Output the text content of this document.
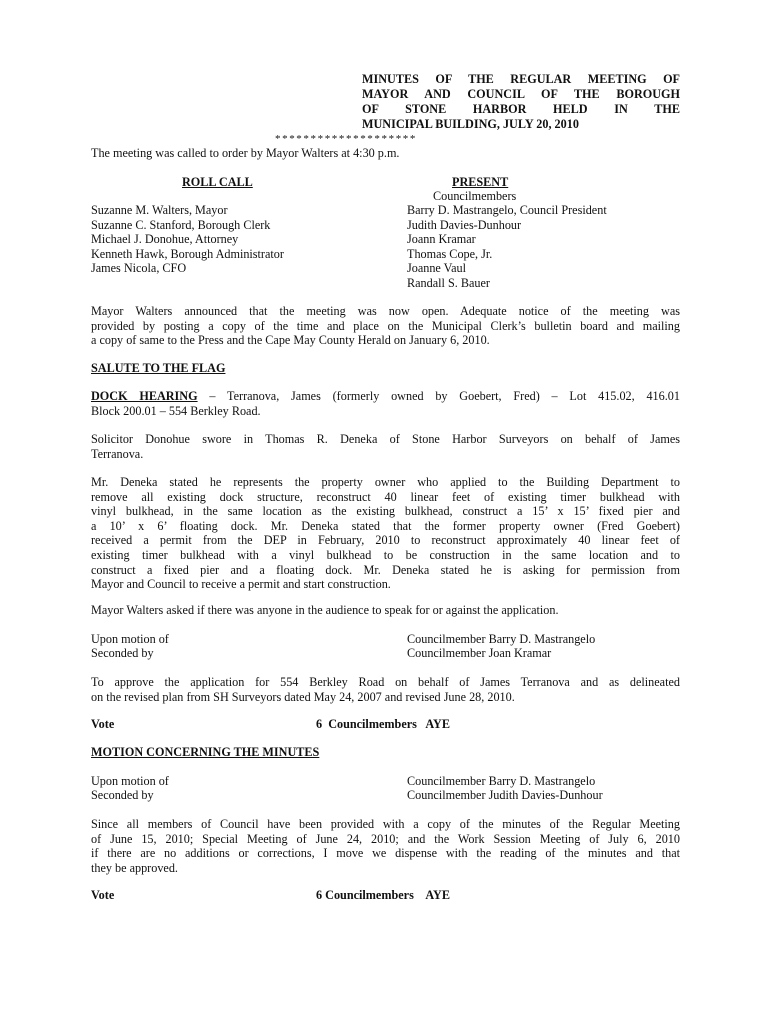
MINUTES OF THE REGULAR MEETING OF
MAYOR AND COUNCIL OF THE BOROUGH
OF STONE HARBOR HELD IN THE
MUNICIPAL BUILDING, JULY 20, 2010
********************
The meeting was called to order by Mayor Walters at 4:30 p.m.
ROLL CALL
Suzanne M. Walters, Mayor
Suzanne C. Stanford, Borough Clerk
Michael J. Donohue, Attorney
Kenneth Hawk, Borough Administrator
James Nicola, CFO
PRESENT
Councilmembers
Barry D. Mastrangelo, Council President
Judith Davies-Dunhour
Joann Kramar
Thomas Cope, Jr.
Joanne Vaul
Randall S. Bauer
Mayor Walters announced that the meeting was now open. Adequate notice of the meeting was
provided by posting a copy of the time and place on the Municipal Clerk’s bulletin board and mailing
a copy of same to the Press and the Cape May County Herald on January 6, 2010.
SALUTE TO THE FLAG
DOCK HEARING – Terranova, James (formerly owned by Goebert, Fred) – Lot 415.02, 416.01
Block 200.01 – 554 Berkley Road.
Solicitor Donohue swore in Thomas R. Deneka of Stone Harbor Surveyors on behalf of James
Terranova.
Mr. Deneka stated he represents the property owner who applied to the Building Department to
remove all existing dock structure, reconstruct 40 linear feet of existing timer bulkhead with
vinyl bulkhead, in the same location as the existing bulkhead, construct a 15’ x 15’ fixed pier and
a 10’ x 6’ floating dock. Mr. Deneka stated that the former property owner (Fred Goebert)
received a permit from the DEP in February, 2010 to reconstruct approximately 40 linear feet of
existing timer bulkhead with a vinyl bulkhead to be construction in the same location and to
construct a fixed pier and a floating dock. Mr. Deneka stated he is asking for permission from
Mayor and Council to receive a permit and start construction.
Mayor Walters asked if there was anyone in the audience to speak for or against the application.
Upon motion of	Councilmember Barry D. Mastrangelo
Seconded by	Councilmember Joan Kramar
To approve the application for 554 Berkley Road on behalf of James Terranova and as delineated
on the revised plan from SH Surveyors dated May 24, 2007 and revised June 28, 2010.
Vote	6  Councilmembers   AYE
MOTION CONCERNING THE MINUTES
Upon motion of	Councilmember Barry D. Mastrangelo
Seconded by	Councilmember Judith Davies-Dunhour
Since all members of Council have been provided with a copy of the minutes of the Regular Meeting
of June 15, 2010; Special Meeting of June 24, 2010; and the Work Session Meeting of July 6, 2010
if there are no additions or corrections, I move we dispense with the reading of the minutes and that
they be approved.
Vote	6 Councilmembers    AYE
